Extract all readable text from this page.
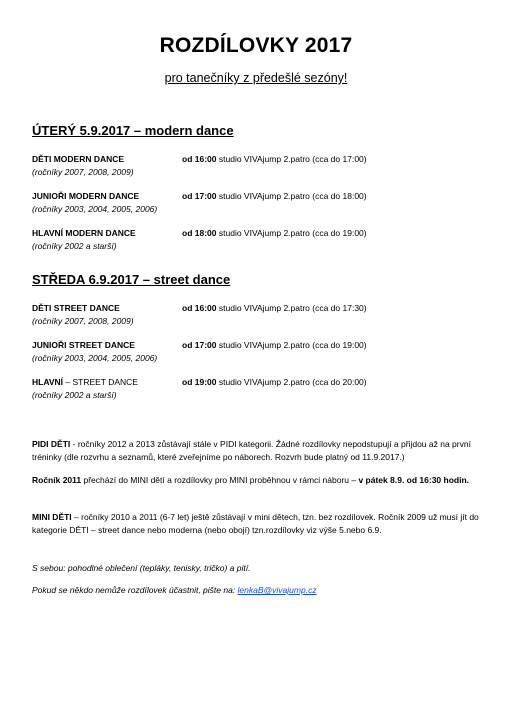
ROZDÍLOVKY 2017
pro tanečníky z předešlé sezóny!
ÚTERÝ 5.9.2017 – modern dance
DĚTI MODERN DANCE
(ročníky 2007, 2008, 2009)
od 16:00 studio VIVAjump 2.patro (cca do 17:00)
JUNIOŘI MODERN DANCE
(ročníky 2003, 2004, 2005, 2006)
od 17:00 studio VIVAjump 2.patro (cca do 18:00)
HLAVNÍ MODERN DANCE
(ročníky 2002 a starší)
od 18:00 studio VIVAjump 2.patro (cca do 19:00)
STŘEDA 6.9.2017 – street dance
DĚTI STREET DANCE
(ročníky 2007, 2008, 2009)
od 16:00 studio VIVAjump 2.patro (cca do 17:30)
JUNIOŘI STREET DANCE
(ročníky 2003, 2004, 2005, 2006)
od 17:00 studio VIVAjump 2.patro (cca do 19:00)
HLAVNÍ – STREET DANCE
(ročníky 2002 a starší)
od 19:00 studio VIVAjump 2.patro (cca do 20:00)
PIDI DĚTI - ročníky 2012 a 2013 zůstávají stále v PIDI kategorii. Žádné rozdílovky nepodstupují a přijdou až na první tréninky (dle rozvrhu a seznamů, které zveřejníme po náborech. Rozvrh bude platný od 11.9.2017.)
Ročník 2011 přechází do MINI dětí a rozdílovky pro MINI proběhnou v rámci náboru – v pátek 8.9. od 16:30 hodin.
MINI DĚTI – ročníky 2010 a 2011 (6-7 let) ještě zůstávají v mini dětech, tzn. bez rozdílovek. Ročník 2009 už musí jít do kategorie DĚTI – street dance nebo moderna (nebo obojí) tzn.rozdílovky viz výše 5.nebo 6.9.
S sebou: pohodlné oblečení (tepláky, tenisky, tričko) a pití.
Pokud se někdo nemůže rozdílovek účastnit, pište na: lenkaB@vivajump.cz
